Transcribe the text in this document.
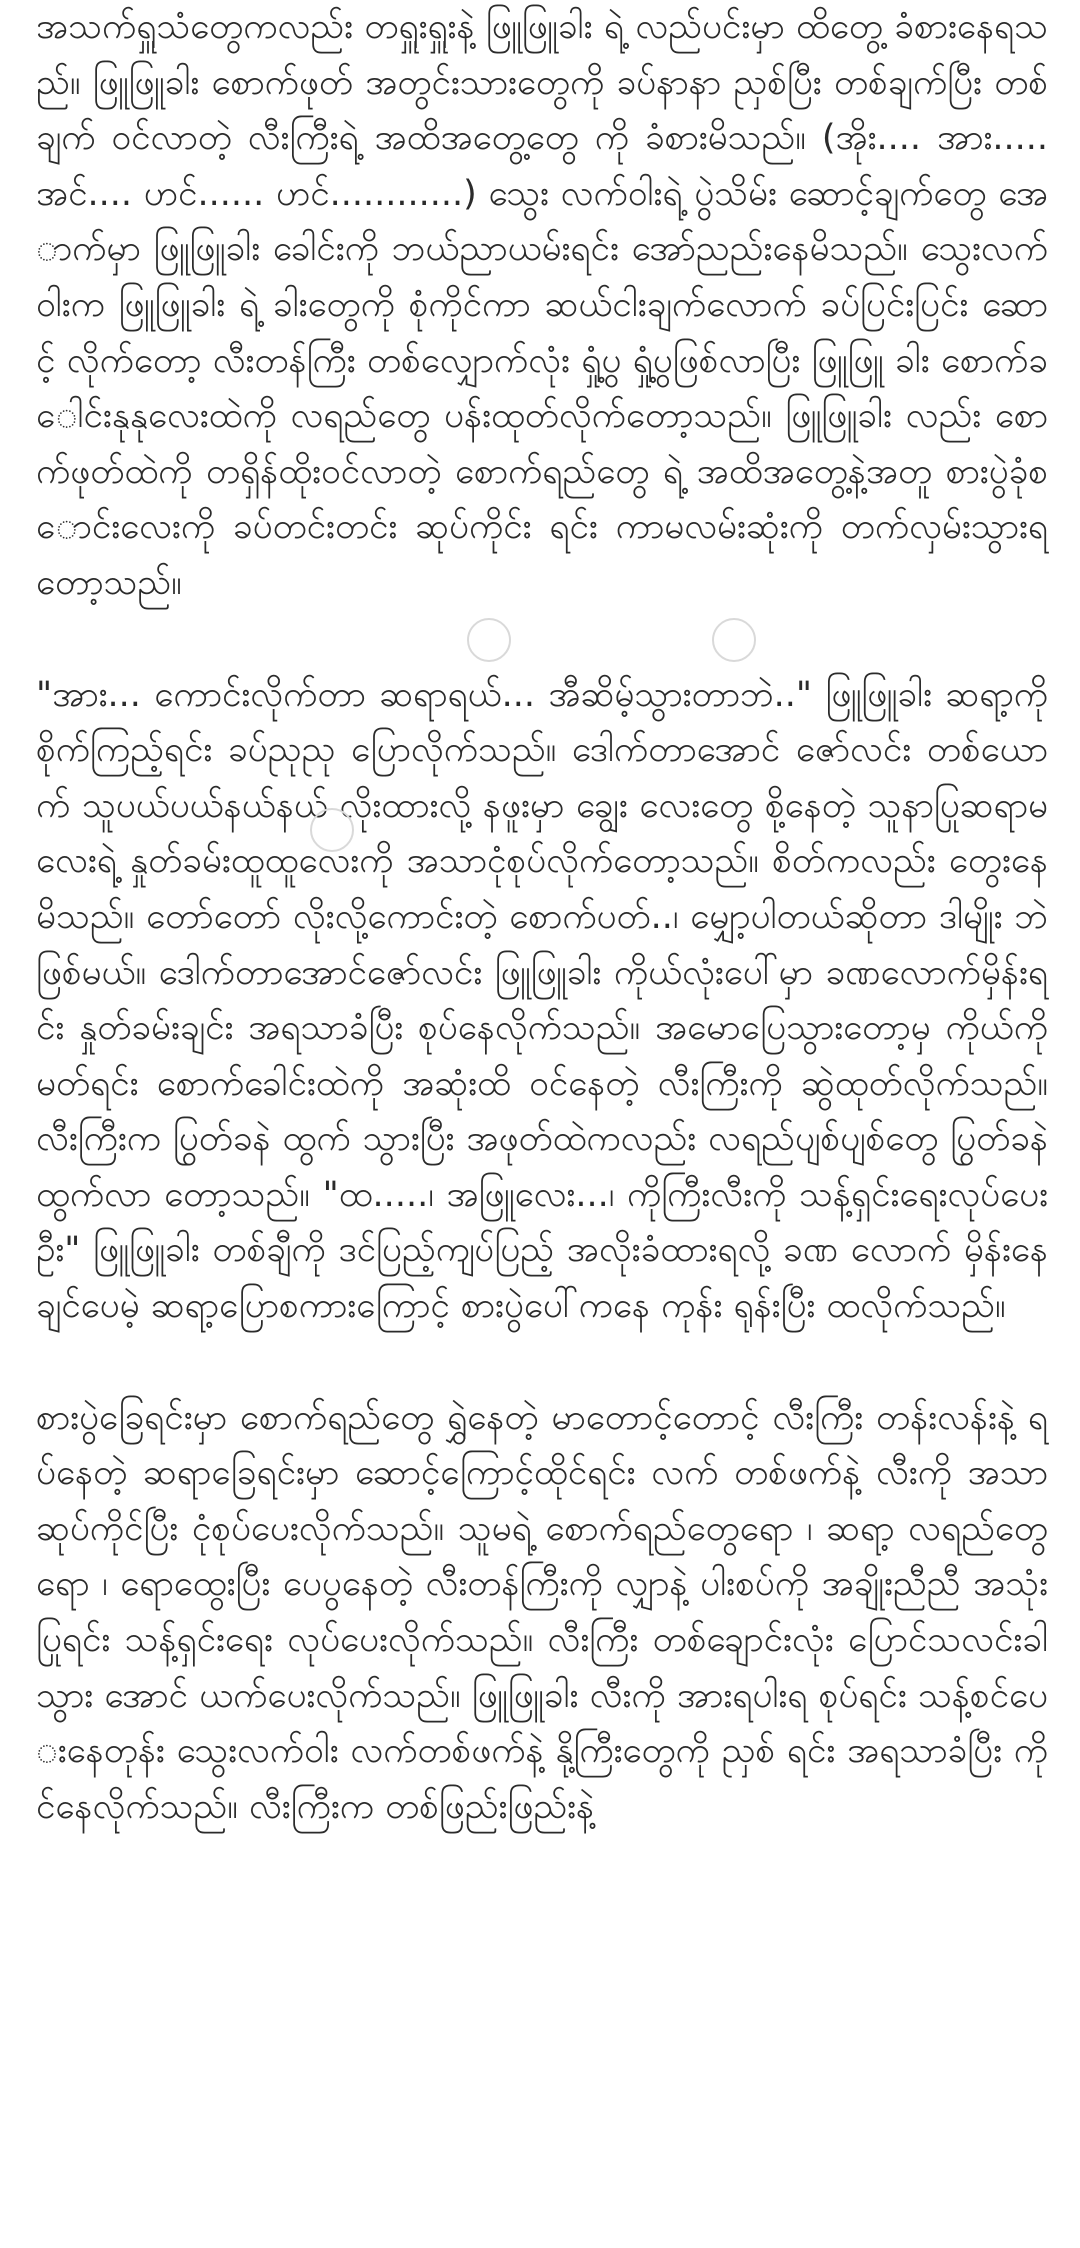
အသက်ရှူသံတွေကလည်း တရှူးရှူးနဲ့ ဖြူဖြူခါး ရဲ့ လည်ပင်းမှာ ထိတွေ့ ခံစားနေရသည်။ ဖြူဖြူခါး စောက်ဖုတ် အတွင်းသားတွေကို ခပ်နာနာ ညှစ်ပြီး တစ်ချက်ပြီး တစ်ချက် ဝင်လာတဲ့ လီးကြီးရဲ့ အထိအတွေ့တွေ ကို ခံစားမိသည်။ (အိုး.... အား..... အင်.... ဟင်...... ဟင်............) သွေး လက်ဝါးရဲ့ ပွဲသိမ်း ဆောင့်ချက်တွေ အောက်မှာ ဖြူဖြူခါး ခေါင်းကို ဘယ်ညာယမ်းရင်း အော်ညည်းနေမိသည်။ သွေးလက်ဝါးက ဖြူဖြူခါး ရဲ့ ခါးတွေကို စုံကိုင်ကာ ဆယ်ငါးချက်လောက် ခပ်ပြင်းပြင်း ဆောင့် လိုက်တော့ လီးတန်ကြီး တစ်လျှောက်လုံး ရှုံ့ပွ ရှုံ့ပွဖြစ်လာပြီး ဖြူဖြူ ခါး စောက်ခေါင်းနုနုလေးထဲကို လရည်တွေ ပန်းထုတ်လိုက်တော့သည်။ ဖြူဖြူခါး လည်း စောက်ဖုတ်ထဲကို တရှိန်ထိုးဝင်လာတဲ့ စောက်ရည်တွေ ရဲ့ အထိအတွေ့နဲ့အတူ စားပွဲခုံစောင်းလေးကို ခပ်တင်းတင်း ဆုပ်ကိုင်း ရင်း ကာမလမ်းဆုံးကို တက်လှမ်းသွားရတော့သည်။

"အား... ကောင်းလိုက်တာ ဆရာရယ်... အီဆိမ့်သွားတာဘဲ.." ဖြူဖြူခါး ဆရာ့ကို စိုက်ကြည့်ရင်း ခပ်ညုညု ပြောလိုက်သည်။ ဒေါက်တာအောင် ဇော်လင်း တစ်ယောက် သူပယ်ပယ်နယ်နယ် လိုးထားလို့ နဖူးမှာ ချွေး လေးတွေ စို့နေတဲ့ သူနာပြုဆရာမလေးရဲ့ နှုတ်ခမ်းထူထူလေးကို အသာငုံစုပ်လိုက်တော့သည်။ စိတ်ကလည်း တွေးနေမိသည်။ တော်တော် လိုးလို့ကောင်းတဲ့ စောက်ပတ်..၊ မျှော့ပါတယ်ဆိုတာ ဒါမျိုး ဘဲ ဖြစ်မယ်။ ဒေါက်တာအောင်ဇော်လင်း ဖြူဖြူခါး ကိုယ်လုံးပေါ်မှာ ခဏလောက်မှိန်းရင်း နှုတ်ခမ်းချင်း အရသာခံပြီး စုပ်နေလိုက်သည်။ အမောပြေသွားတော့မှ ကိုယ်ကိုမတ်ရင်း စောက်ခေါင်းထဲကို အဆုံးထိ ဝင်နေတဲ့ လီးကြီးကို ဆွဲထုတ်လိုက်သည်။ လီးကြီးက ပြွတ်ခနဲ ထွက် သွားပြီး အဖုတ်ထဲကလည်း လရည်ပျစ်ပျစ်တွေ ပြွတ်ခနဲ ထွက်လာ တော့သည်။ "ထ.....၊ အဖြူလေး...၊ ကိုကြီးလီးကို သန့်ရှင်းရေးလုပ်ပေး ဦး" ဖြူဖြူခါး တစ်ချီကို ဒင်ပြည့်ကျပ်ပြည့် အလိုးခံထားရလို့ ခဏ လောက် မှိန်းနေချင်ပေမဲ့ ဆရာ့ပြောစကားကြောင့် စားပွဲပေါ်ကနေ ကုန်း ရုန်းပြီး ထလိုက်သည်။

စားပွဲခြေရင်းမှာ စောက်ရည်တွေ ရွှဲနေတဲ့ မာတောင့်တောင့် လီးကြီး တန်းလန်းနဲ့ ရပ်နေတဲ့ ဆရာခြေရင်းမှာ ဆောင့်ကြောင့်ထိုင်ရင်း လက် တစ်ဖက်နဲ့ လီးကို အသာဆုပ်ကိုင်ပြီး ငုံစုပ်ပေးလိုက်သည်။ သူမရဲ့ စောက်ရည်တွေရော ၊ ဆရာ့ လရည်တွေရော ၊ ရောထွေးပြီး ပေပွနေတဲ့ လီးတန်ကြီးကို လျှာနဲ့ ပါးစပ်ကို အချိုးညီညီ အသုံးပြုရင်း သန့်ရှင်းရေး လုပ်ပေးလိုက်သည်။ လီးကြီး တစ်ချောင်းလုံး ပြောင်သလင်းခါသွား အောင် ယက်ပေးလိုက်သည်။ ဖြူဖြူခါး လီးကို အားရပါးရ စုပ်ရင်း သန့်စင်ပေးနေတုန်း သွေးလက်ဝါး လက်တစ်ဖက်နဲ့ နို့ကြီးတွေကို ညှစ် ရင်း အရသာခံပြီး ကိုင်နေလိုက်သည်။ လီးကြီးက တစ်ဖြည်းဖြည်းနဲ့
